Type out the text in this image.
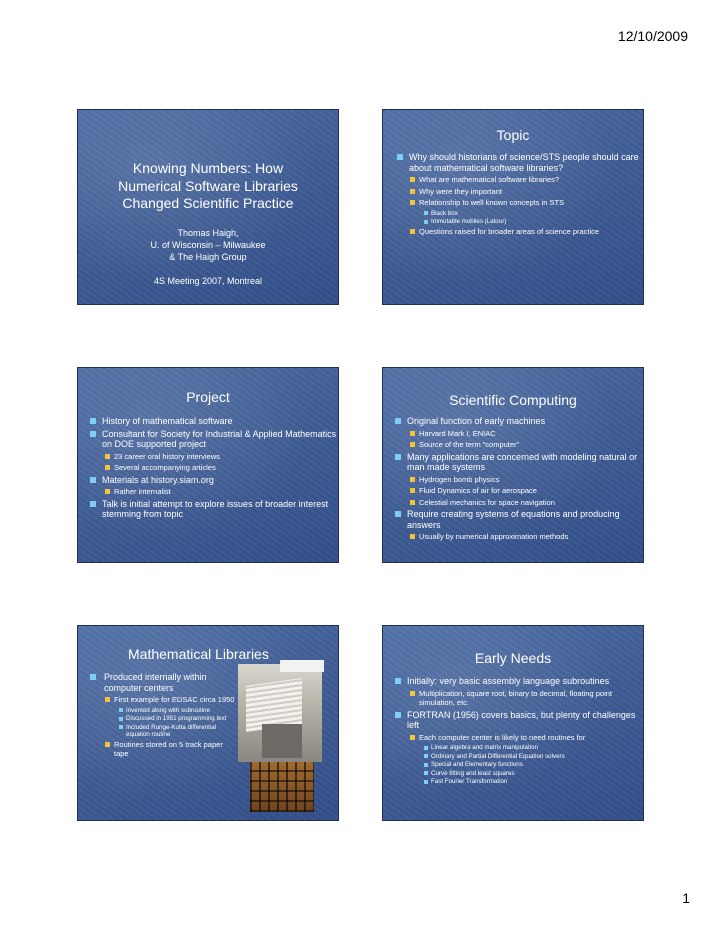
12/10/2009
Knowing Numbers: How
Numerical Software Libraries
Changed Scientific Practice
Thomas Haigh,
U. of Wisconsin – Milwaukee
& The Haigh Group
4S Meeting 2007, Montreal
Topic
Why should historians of science/STS people should care about mathematical software libraries?
What are mathematical software libraries?
Why were they important
Relationship to well known concepts in STS
Black box
Immutable mobiles (Latour)
Questions raised for broader areas of science practice
Project
History of mathematical software
Consultant for Society for Industrial & Applied Mathematics on DOE supported project
23 career oral history interviews
Several accompanying articles
Materials at history.siam.org
Rather internalist
Talk is initial attempt to explore issues of broader interest stemming from topic
Scientific Computing
Original function of early machines
Harvard Mark I, ENIAC
Source of the term “computer”
Many applications are concerned with modeling natural or man made systems
Hydrogen bomb physics
Fluid Dynamics of air for aerospace
Celestial mechanics for space navigation
Require creating systems of equations and producing answers
Usually by numerical approximation methods
Mathematical Libraries
Produced internally within computer centers
First example for EDSAC circa 1950
Invented along with subroutine
Discussed in 1951 programming text
Included Runge-Kutta differential equation routine
Routines stored on 5 track paper tape
Early Needs
Initially: very basic assembly language subroutines
Multiplication, square root, binary to decimal, floating point simulation, etc.
FORTRAN (1956) covers basics, but plenty of challenges left
Each computer center is likely to need routines for
Linear algebra and matrix manipulation
Ordinary and Partial Differential Equation solvers
Special and Elementary functions
Curve fitting and least squares
Fast Fourier Transformation
1
